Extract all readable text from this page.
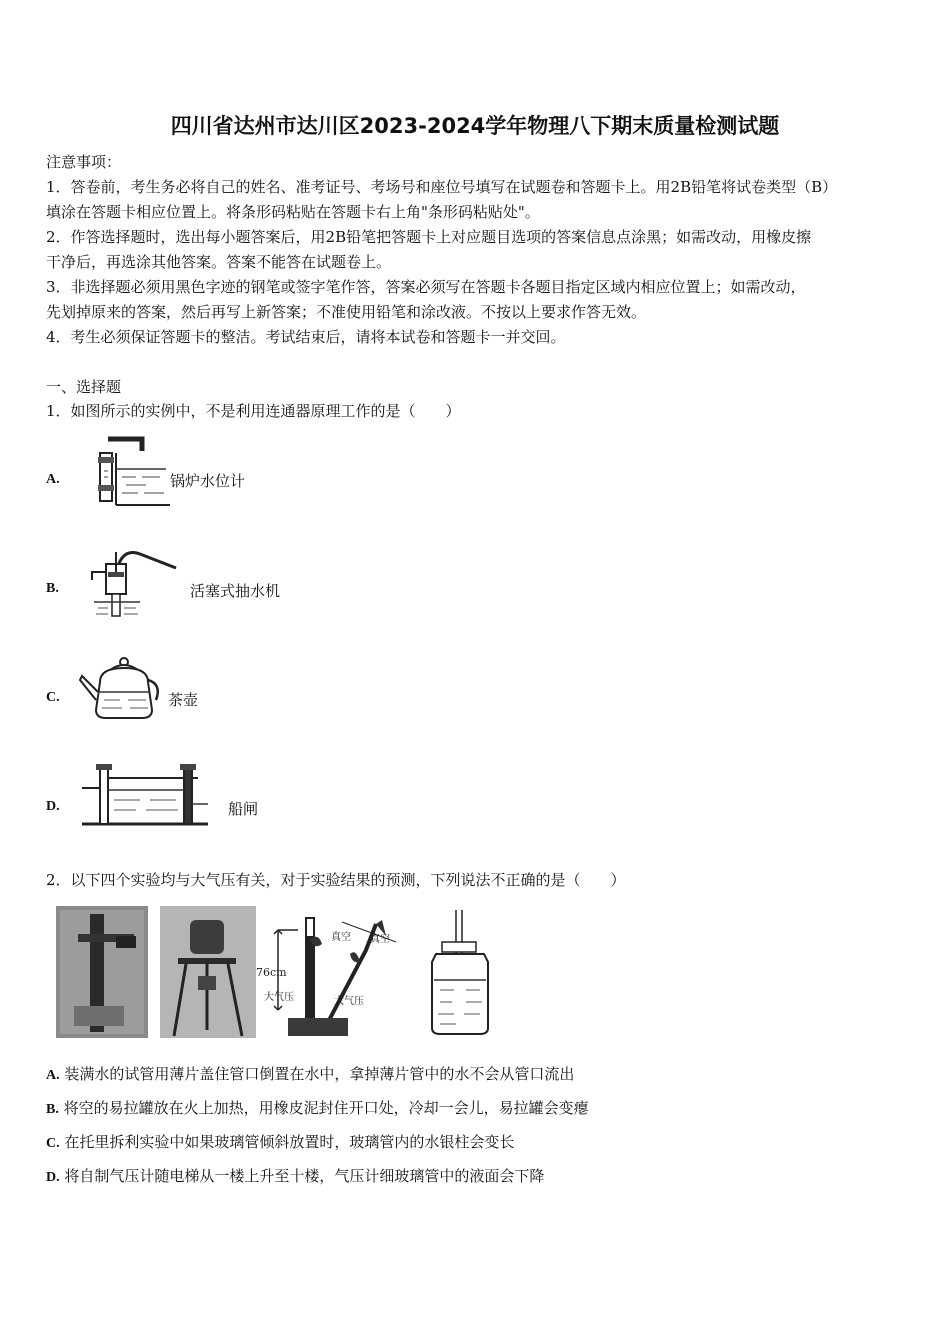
四川省达州市达川区2023-2024学年物理八下期末质量检测试题
注意事项：
1．答卷前，考生务必将自己的姓名、准考证号、考场号和座位号填写在试题卷和答题卡上。用2B铅笔将试卷类型（B）
填涂在答题卡相应位置上。将条形码粘贴在答题卡右上角"条形码粘贴处"。
2．作答选择题时，选出每小题答案后，用2B铅笔把答题卡上对应题目选项的答案信息点涂黑；如需改动，用橡皮擦
干净后，再选涂其他答案。答案不能答在试题卷上。
3．非选择题必须用黑色字迹的钢笔或签字笔作答，答案必须写在答题卡各题目指定区域内相应位置上；如需改动，
先划掉原来的答案，然后再写上新答案；不准使用铅笔和涂改液。不按以上要求作答无效。
4．考生必须保证答题卡的整洁。考试结束后，请将本试卷和答题卡一并交回。
一、选择题
1．如图所示的实例中，不是利用连通器原理工作的是（　　）
A.	锅炉水位计
B.	活塞式抽水机
C.	茶壶
D.	船闸
2．以下四个实验均与大气压有关，对于实验结果的预测，下列说法不正确的是（　　）
真空 真空
76cm
大气压	大气压
A. 装满水的试管用薄片盖住管口倒置在水中，拿掉薄片管中的水不会从管口流出
B. 将空的易拉罐放在火上加热，用橡皮泥封住开口处，冷却一会儿，易拉罐会变瘪
C. 在托里拆利实验中如果玻璃管倾斜放置时，玻璃管内的水银柱会变长
D. 将自制气压计随电梯从一楼上升至十楼，气压计细玻璃管中的液面会下降
